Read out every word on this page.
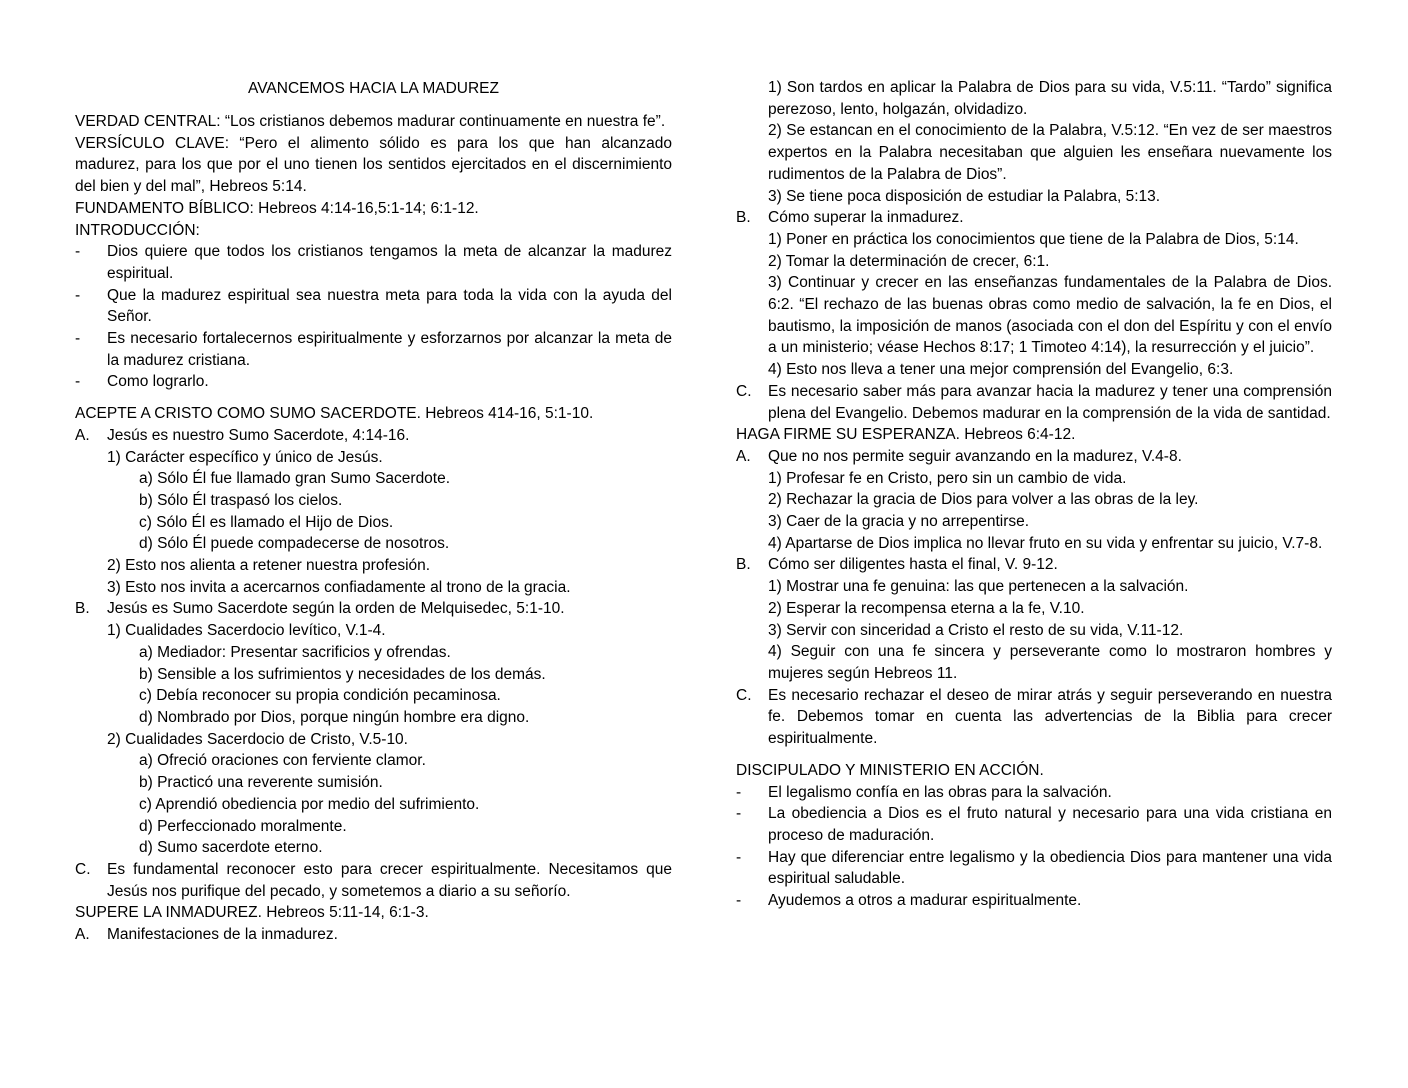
AVANCEMOS HACIA LA MADUREZ
VERDAD CENTRAL: “Los cristianos debemos madurar continuamente en nuestra fe”.
VERSÍCULO CLAVE: “Pero el alimento sólido es para los que han alcanzado madurez, para los que por el uno tienen los sentidos ejercitados en el discernimiento del bien y del mal”, Hebreos 5:14.
FUNDAMENTO BÍBLICO: Hebreos 4:14-16,5:1-14; 6:1-12.
INTRODUCCIÓN:
- Dios quiere que todos los cristianos tengamos la meta de alcanzar la madurez espiritual.
- Que la madurez espiritual sea nuestra meta para toda la vida con la ayuda del Señor.
- Es necesario fortalecernos espiritualmente y esforzarnos por alcanzar la meta de la madurez cristiana.
- Como lograrlo.
ACEPTE A CRISTO COMO SUMO SACERDOTE. Hebreos 414-16, 5:1-10.
A. Jesús es nuestro Sumo Sacerdote, 4:14-16.
1) Carácter específico y único de Jesús.
a) Sólo Él fue llamado gran Sumo Sacerdote.
b) Sólo Él traspasó los cielos.
c) Sólo Él es llamado el Hijo de Dios.
d) Sólo Él puede compadecerse de nosotros.
2) Esto nos alienta a retener nuestra profesión.
3) Esto nos invita a acercarnos confiadamente al trono de la gracia.
B. Jesús es Sumo Sacerdote según la orden de Melquisedec, 5:1-10.
1) Cualidades Sacerdocio levítico, V.1-4.
a) Mediador: Presentar sacrificios y ofrendas.
b) Sensible a los sufrimientos y necesidades de los demás.
c) Debía reconocer su propia condición pecaminosa.
d) Nombrado por Dios, porque ningún hombre era digno.
2) Cualidades Sacerdocio de Cristo, V.5-10.
a) Ofreció oraciones con ferviente clamor.
b) Practicó una reverente sumisión.
c) Aprendió obediencia por medio del sufrimiento.
d) Perfeccionado moralmente.
d) Sumo sacerdote eterno.
C. Es fundamental reconocer esto para crecer espiritualmente. Necesitamos que Jesús nos purifique del pecado, y sometemos a diario a su señorío.
SUPERE LA INMADUREZ. Hebreos 5:11-14, 6:1-3.
A. Manifestaciones de la inmadurez.
1) Son tardos en aplicar la Palabra de Dios para su vida, V.5:11. “Tardo” significa perezoso, lento, holgazán, olvidadizo.
2) Se estancan en el conocimiento de la Palabra, V.5:12. “En vez de ser maestros expertos en la Palabra necesitaban que alguien les enseñara nuevamente los rudimentos de la Palabra de Dios”.
3) Se tiene poca disposición de estudiar la Palabra, 5:13.
B. Cómo superar la inmadurez.
1) Poner en práctica los conocimientos que tiene de la Palabra de Dios, 5:14.
2) Tomar la determinación de crecer, 6:1.
3) Continuar y crecer en las enseñanzas fundamentales de la Palabra de Dios. 6:2. “El rechazo de las buenas obras como medio de salvación, la fe en Dios, el bautismo, la imposición de manos (asociada con el don del Espíritu y con el envío a un ministerio; véase Hechos 8:17; 1 Timoteo 4:14), la resurrección y el juicio”.
4) Esto nos lleva a tener una mejor comprensión del Evangelio, 6:3.
C. Es necesario saber más para avanzar hacia la madurez y tener una comprensión plena del Evangelio. Debemos madurar en la comprensión de la vida de santidad.
HAGA FIRME SU ESPERANZA. Hebreos 6:4-12.
A. Que no nos permite seguir avanzando en la madurez, V.4-8.
1) Profesar fe en Cristo, pero sin un cambio de vida.
2) Rechazar la gracia de Dios para volver a las obras de la ley.
3) Caer de la gracia y no arrepentirse.
4) Apartarse de Dios implica no llevar fruto en su vida y enfrentar su juicio, V.7-8.
B. Cómo ser diligentes hasta el final, V. 9-12.
1) Mostrar una fe genuina: las que pertenecen a la salvación.
2) Esperar la recompensa eterna a la fe, V.10.
3) Servir con sinceridad a Cristo el resto de su vida, V.11-12.
4) Seguir con una fe sincera y perseverante como lo mostraron hombres y mujeres según Hebreos 11.
C. Es necesario rechazar el deseo de mirar atrás y seguir perseverando en nuestra fe. Debemos tomar en cuenta las advertencias de la Biblia para crecer espiritualmente.
DISCIPULADO Y MINISTERIO EN ACCIÓN.
- El legalismo confía en las obras para la salvación.
- La obediencia a Dios es el fruto natural y necesario para una vida cristiana en proceso de maduración.
- Hay que diferenciar entre legalismo y la obediencia Dios para mantener una vida espiritual saludable.
- Ayudemos a otros a madurar espiritualmente.
